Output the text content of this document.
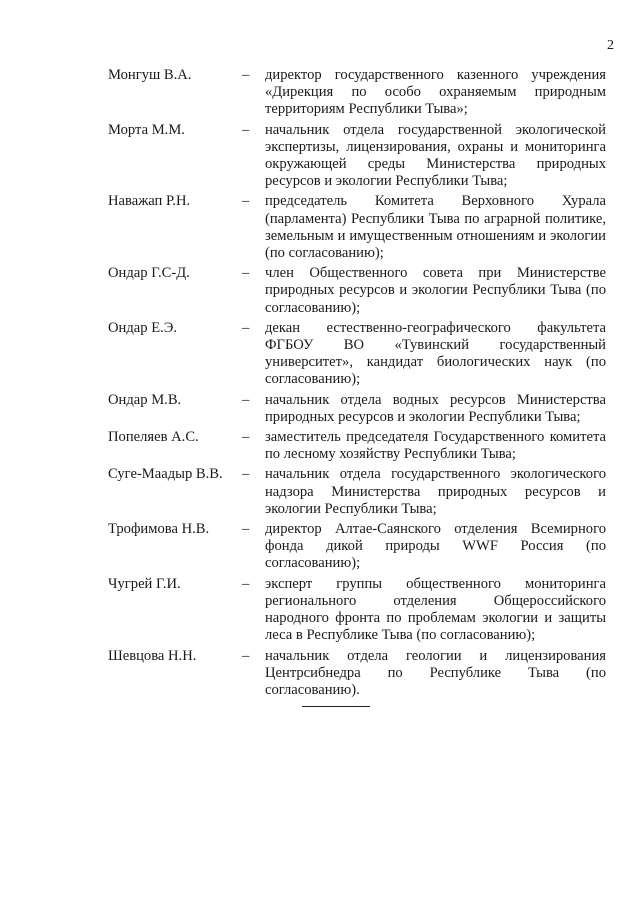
2
Монгуш В.А.	–	директор государственного казенного учреждения «Дирекция по особо охраняемым природным территориям Республики Тыва»;
Морта М.М.	–	начальник отдела государственной экологической экспертизы, лицензирования, охраны и мониторинга окружающей среды Министерства природных ресурсов и экологии Республики Тыва;
Наважап Р.Н.	–	председатель Комитета Верховного Хурала (парламента) Республики Тыва по аграрной политике, земельным и имущественным отношениям и экологии (по согласованию);
Ондар Г.С-Д.	–	член Общественного совета при Министерстве природных ресурсов и экологии Республики Тыва (по согласованию);
Ондар Е.Э.	–	декан естественно-географического факультета ФГБОУ ВО «Тувинский государственный университет», кандидат биологических наук (по согласованию);
Ондар М.В.	–	начальник отдела водных ресурсов Министерства природных ресурсов и экологии Республики Тыва;
Попеляев А.С.	–	заместитель председателя Государственного комитета по лесному хозяйству Республики Тыва;
Суге-Маадыр В.В.	–	начальник отдела государственного экологического надзора Министерства природных ресурсов и экологии Республики Тыва;
Трофимова Н.В.	–	директор Алтае-Саянского отделения Всемирного фонда дикой природы WWF Россия (по согласованию);
Чугрей Г.И.	–	эксперт группы общественного мониторинга регионального отделения Общероссийского народного фронта по проблемам экологии и защиты леса в Республике Тыва (по согласованию);
Шевцова Н.Н.	–	начальник отдела геологии и лицензирования Центрсибнедра по Республике Тыва (по согласованию).
